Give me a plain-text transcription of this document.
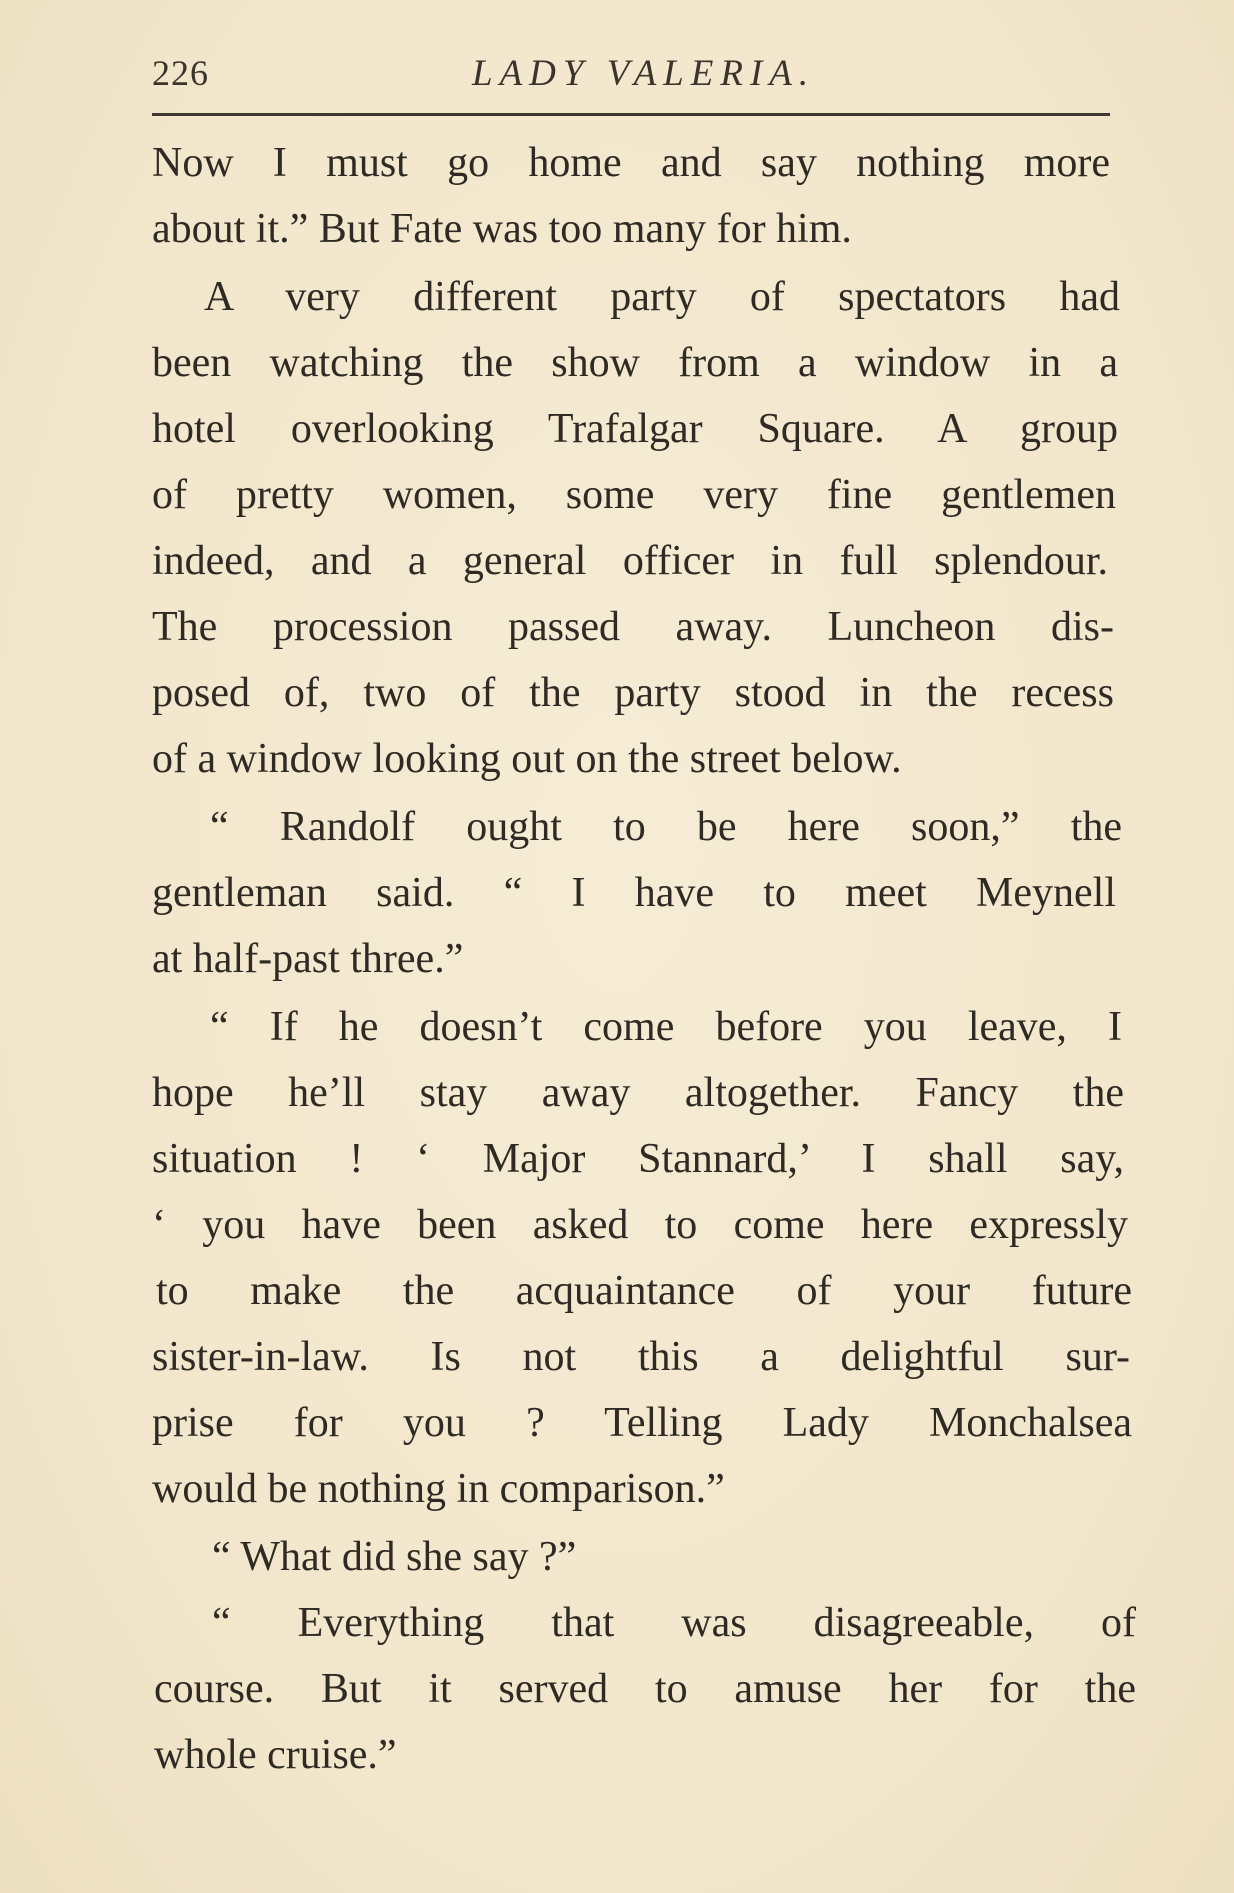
226	LADY VALERIA.
Now I must go home and say nothing more
about it.” But Fate was too many for him.
A very different party of spectators had
been watching the show from a window in a
hotel overlooking Trafalgar Square. A group
of pretty women, some very fine gentlemen
indeed, and a general officer in full splendour.
The procession passed away. Luncheon dis-
posed of, two of the party stood in the recess
of a window looking out on the street below.
“ Randolf ought to be here soon,” the
gentleman said. “ I have to meet Meynell
at half-past three.”
“ If he doesn’t come before you leave, I
hope he’ll stay away altogether. Fancy the
situation ! ‘ Major Stannard,’ I shall say,
‘ you have been asked to come here expressly
to make the acquaintance of your future
sister-in-law. Is not this a delightful sur-
prise for you ? Telling Lady Monchalsea
would be nothing in comparison.”
“ What did she say ?”
“ Everything that was disagreeable, of
course. But it served to amuse her for the
whole cruise.”
